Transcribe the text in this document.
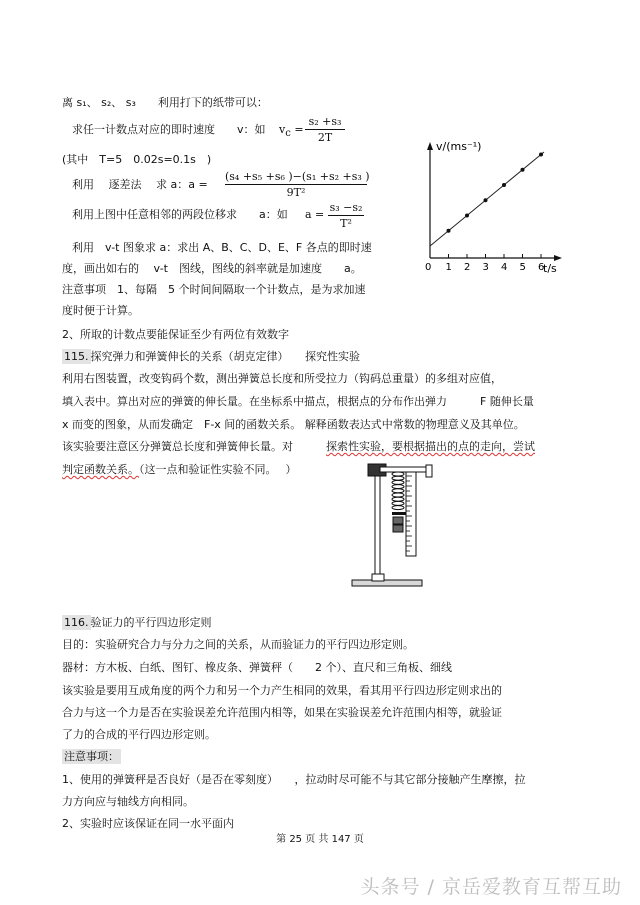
离 s₁、 s₂、 s₃　　利用打下的纸带可以：
求任一计数点对应的即时速度　　v：如 $v_c$ =
s₂ +s₃
2T
(其中　T=5　0.02s=0.1s　)
利用　 逐差法　 求 a：a =
(s₄ +s₅ +s₆ )−(s₁ +s₂ +s₃ )
9T²
利用上图中任意相邻的两段位移求　　a：如 a =
s₃ −s₂
T²
利用　v-t 图象求 a：求出 A、B、C、D、E、F 各点的即时速
度，画出如右的　 v-t　图线，图线的斜率就是加速度　　a。
注意事项　1、每隔　5 个时间间隔取一个计数点，是为求加速
度时便于计算。
2、所取的计数点要能保证至少有两位有效数字
1 2 3 4 5 6
v/(ms⁻¹)
t/s
0
115. 探究弹力和弹簧伸长的关系（胡克定律）　　探究性实验
利用右图装置，改变钩码个数，测出弹簧总长度和所受拉力（钩码总重量）的多组对应值，
填入表中。算出对应的弹簧的伸长量。在坐标系中描点，根据点的分布作出弹力　　　F 随伸长量
x 而变的图象，从而发确定　F-x 间的函数关系。 解释函数表达式中常数的物理意义及其单位。
该实验要注意区分弹簧总长度和弹簧伸长量。对　　　探索性实验，要根据描出的点的走向，尝试
判定函数关系。（这一点和验证性实验不同。　 ）
116. 验证力的平行四边形定则
目的：实验研究合力与分力之间的关系，从而验证力的平行四边形定则。
器材：方木板、白纸、图钉、橡皮条、弹簧秤（　　2 个）、直尺和三角板、细线
该实验是要用互成角度的两个力和另一个力产生相同的效果，看其用平行四边形定则求出的
合力与这一个力是否在实验误差允许范围内相等，如果在实验误差允许范围内相等，就验证
了力的合成的平行四边形定则。
注意事项：
1、使用的弹簧秤是否良好（是否在零刻度）　　，拉动时尽可能不与其它部分接触产生摩擦，拉
力方向应与轴线方向相同。
2、实验时应该保证在同一水平面内
第 25 页 共 147 页
头条号 / 京岳爱教育互帮互助
